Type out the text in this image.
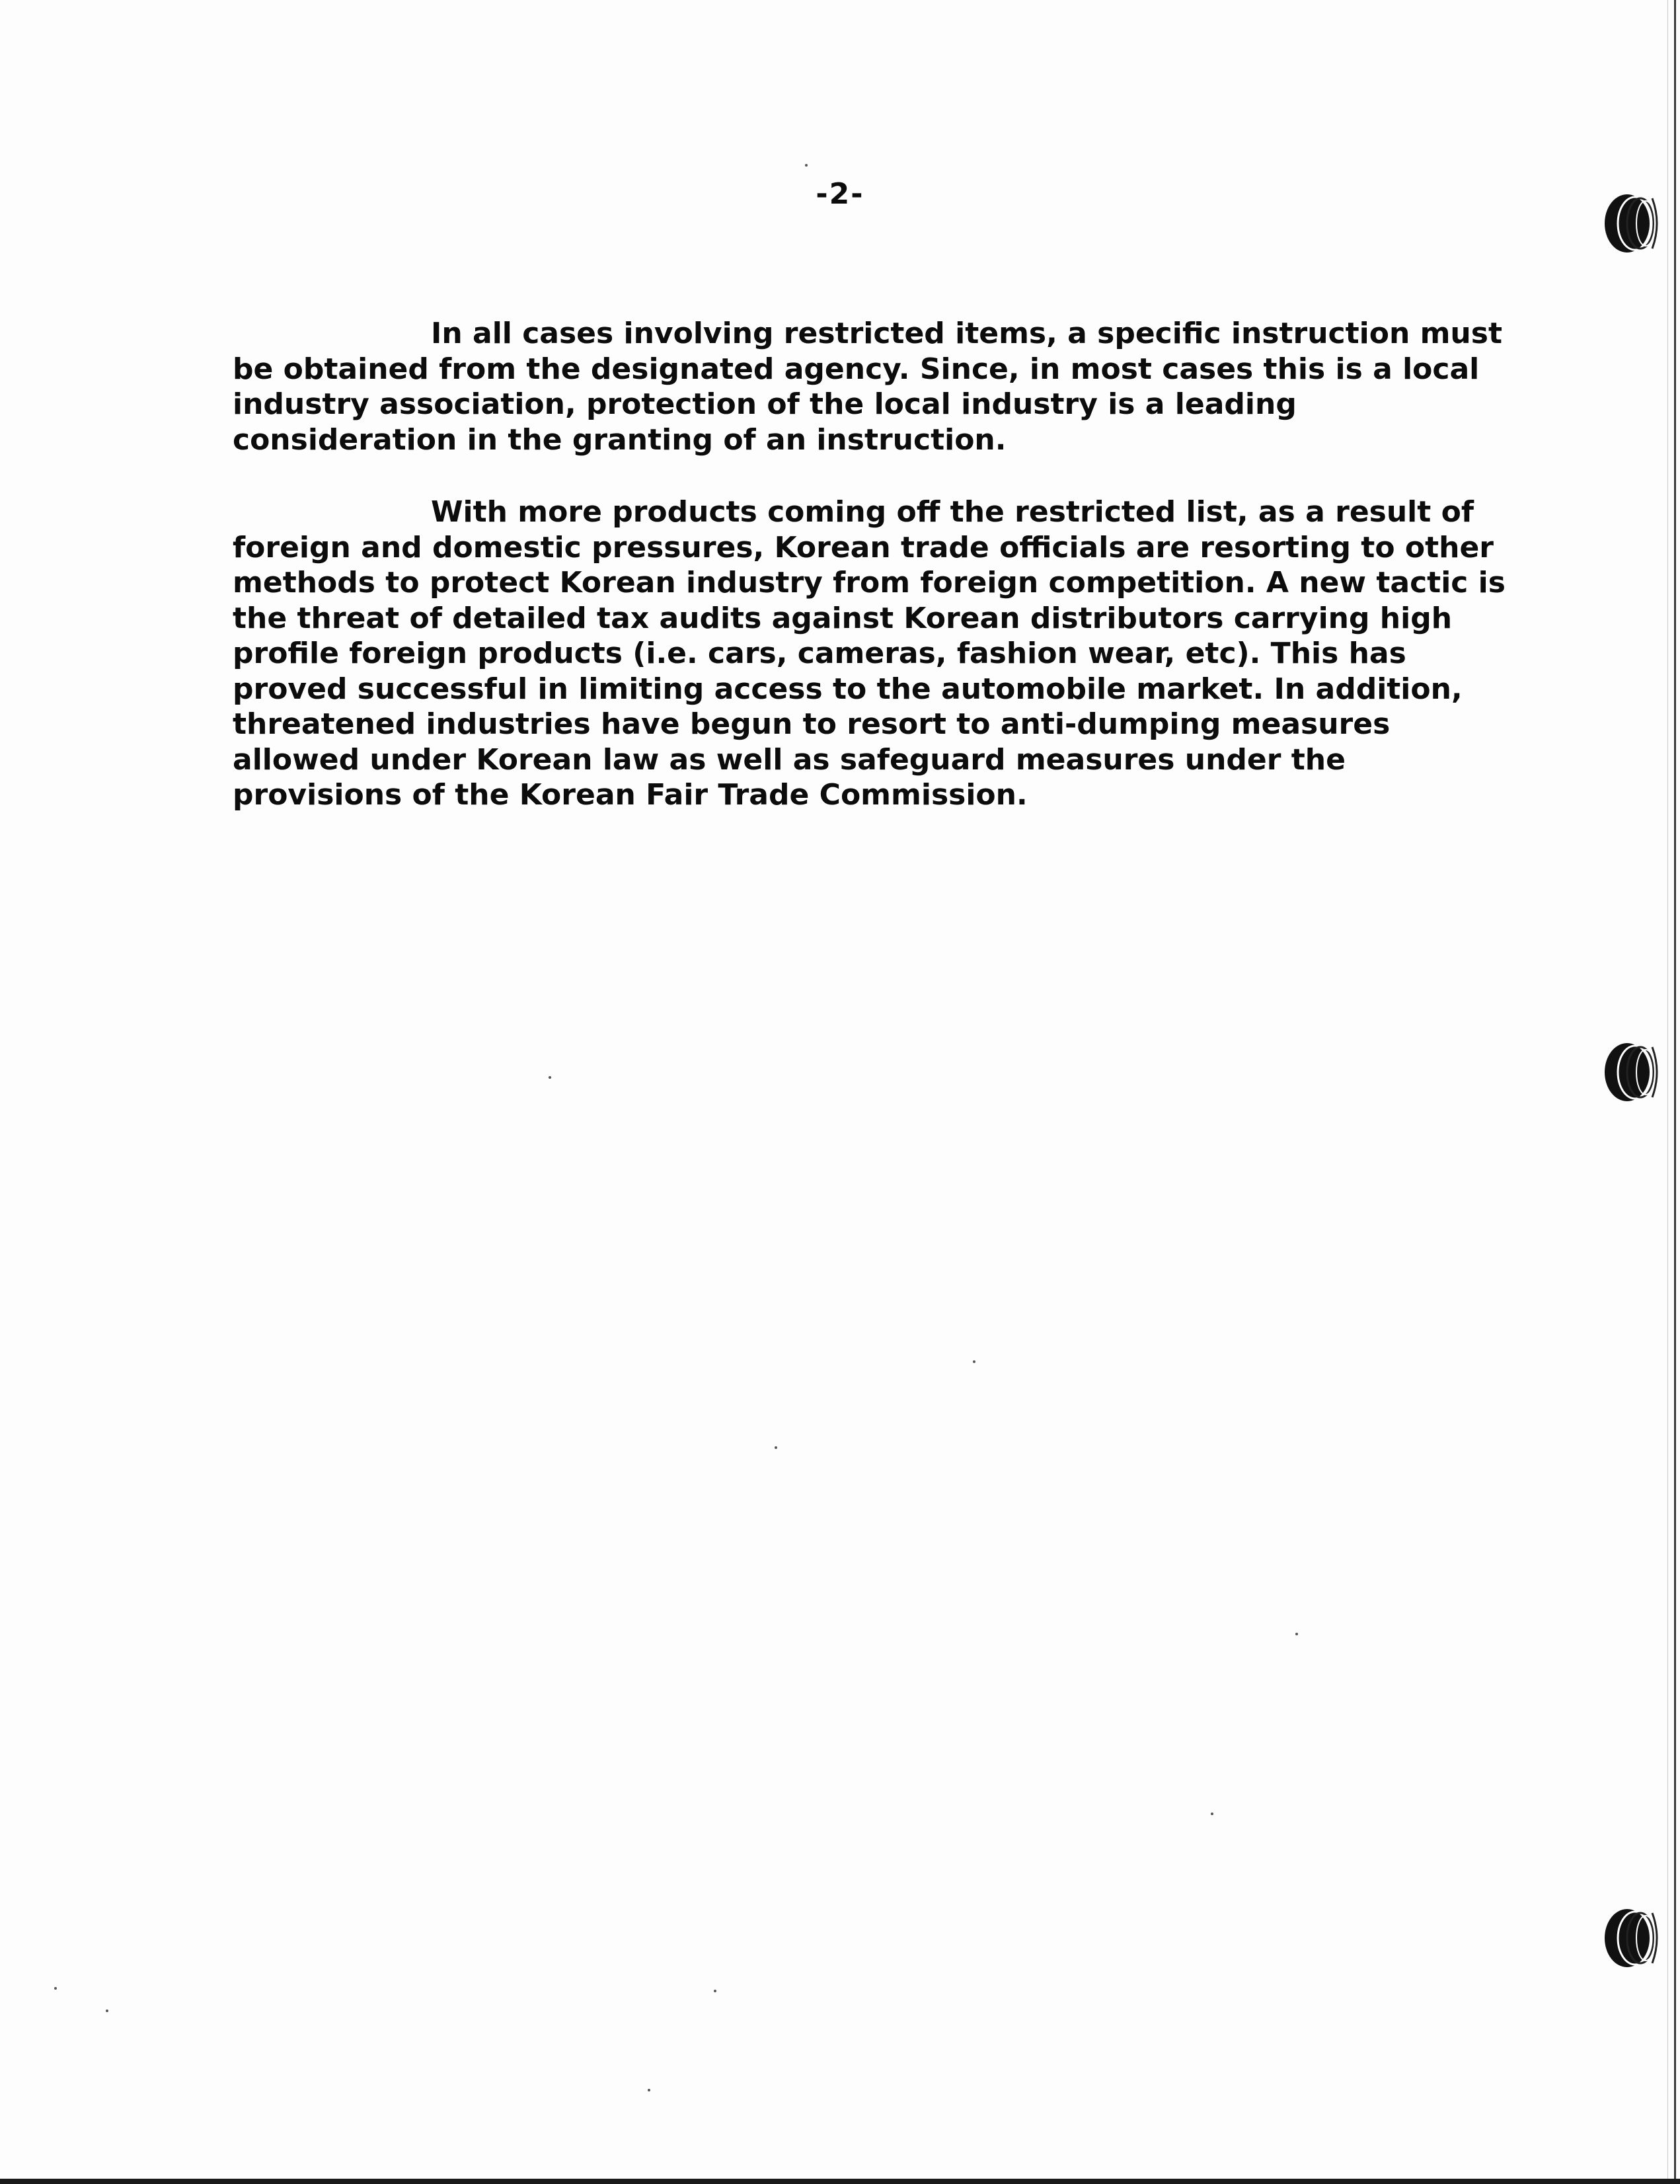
-2-

In all cases involving restricted items, a specific instruction must be obtained from the designated agency. Since, in most cases this is a local industry association, protection of the local industry is a leading consideration in the granting of an instruction.

With more products coming off the restricted list, as a result of foreign and domestic pressures, Korean trade officials are resorting to other methods to protect Korean industry from foreign competition. A new tactic is the threat of detailed tax audits against Korean distributors carrying high profile foreign products (i.e. cars, cameras, fashion wear, etc). This has proved successful in limiting access to the automobile market. In addition, threatened industries have begun to resort to anti-dumping measures allowed under Korean law as well as safeguard measures under the provisions of the Korean Fair Trade Commission.
